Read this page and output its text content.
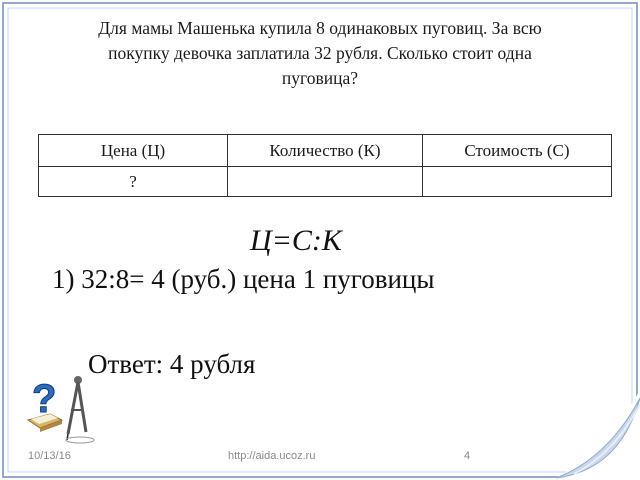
Для мамы Машенька купила 8 одинаковых пуговиц. За всю
покупку девочка заплатила 32 рубля. Сколько стоит одна
пуговица?
Цена (Ц)	Количество (К)	Стоимость (С)
?		
Ц=С:К
1) 32:8= 4 (руб.) цена 1 пуговицы
Ответ: 4 рубля
?
10/13/16	http://aida.ucoz.ru	4
